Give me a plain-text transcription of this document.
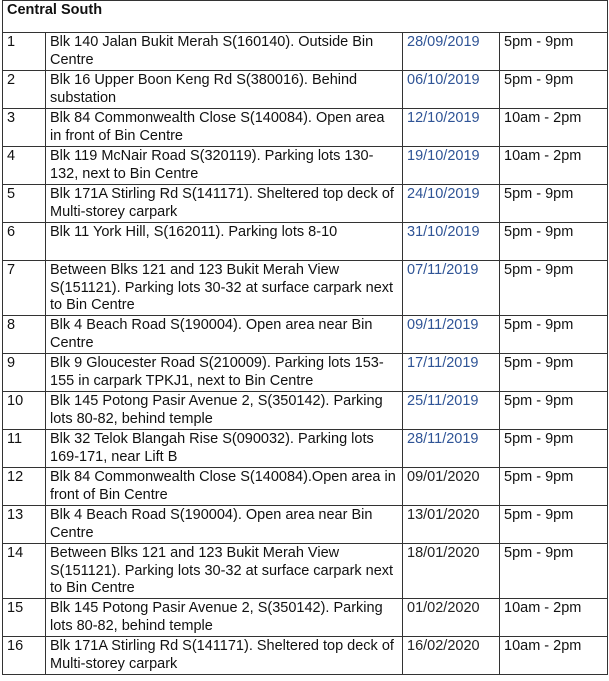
Central South			
1	Blk 140 Jalan Bukit Merah S(160140). Outside Bin Centre	28/09/2019	5pm - 9pm
2	Blk 16 Upper Boon Keng Rd S(380016). Behind substation	06/10/2019	5pm - 9pm
3	Blk 84 Commonwealth Close S(140084). Open area in front of Bin Centre	12/10/2019	10am - 2pm
4	Blk 119 McNair Road S(320119). Parking lots 130-132, next to Bin Centre	19/10/2019	10am - 2pm
5	Blk 171A Stirling Rd S(141171). Sheltered top deck of Multi-storey carpark	24/10/2019	5pm - 9pm
6	Blk 11 York Hill, S(162011). Parking lots 8-10	31/10/2019	5pm - 9pm
7	Between Blks 121 and 123 Bukit Merah View S(151121). Parking lots 30-32 at surface carpark next to Bin Centre	07/11/2019	5pm - 9pm
8	Blk 4 Beach Road S(190004). Open area near Bin Centre	09/11/2019	5pm - 9pm
9	Blk 9 Gloucester Road S(210009). Parking lots 153-155 in carpark TPKJ1, next to Bin Centre	17/11/2019	5pm - 9pm
10	Blk 145 Potong Pasir Avenue 2, S(350142). Parking lots 80-82, behind temple	25/11/2019	5pm - 9pm
11	Blk 32 Telok Blangah Rise S(090032). Parking lots 169-171, near Lift B	28/11/2019	5pm - 9pm
12	Blk 84 Commonwealth Close S(140084).Open area in front of Bin Centre	09/01/2020	5pm - 9pm
13	Blk 4 Beach Road S(190004). Open area near Bin Centre	13/01/2020	5pm - 9pm
14	Between Blks 121 and 123 Bukit Merah View S(151121). Parking lots 30-32 at surface carpark next to Bin Centre	18/01/2020	5pm - 9pm
15	Blk 145 Potong Pasir Avenue 2, S(350142). Parking lots 80-82, behind temple	01/02/2020	10am - 2pm
16	Blk 171A Stirling Rd S(141171). Sheltered top deck of Multi-storey carpark	16/02/2020	10am - 2pm
